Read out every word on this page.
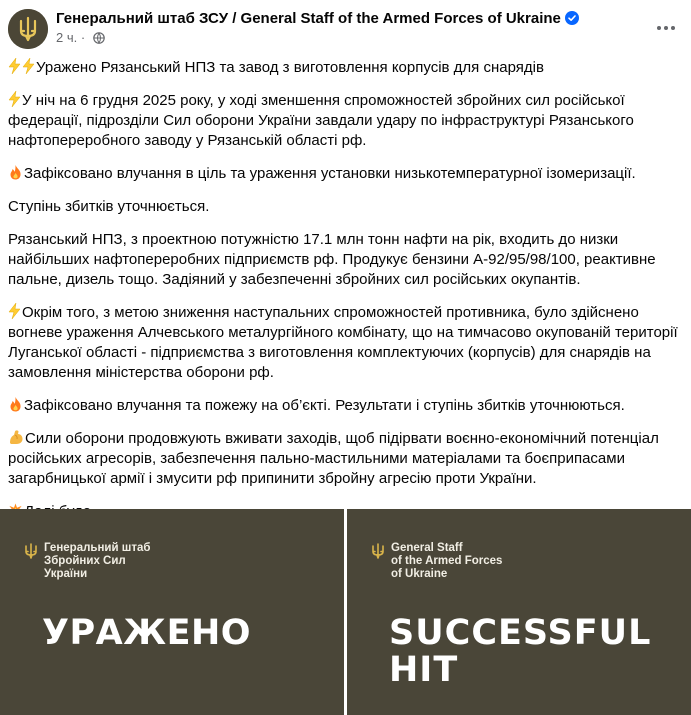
Генеральний штаб ЗСУ / General Staff of the Armed Forces of Ukraine
2 ч. ·

Уражено Рязанський НПЗ та завод з виготовлення корпусів для снарядів

У ніч на 6 грудня 2025 року, у ході зменшення спроможностей збройних сил російської федерації, підрозділи Сил оборони України завдали удару по інфраструктурі Рязанського нафтопереробного заводу у Рязанській області рф.

Зафіксовано влучання в ціль та ураження установки низькотемпературної ізомеризації.

Ступінь збитків уточнюється.

Рязанський НПЗ, з проектною потужністю 17.1 млн тонн нафти на рік, входить до низки найбільших нафтопереробних підприємств рф. Продукує бензини А-92/95/98/100, реактивне пальне, дизель тощо. Задіяний у забезпеченні збройних сил російських окупантів.

Окрім того, з метою зниження наступальних спроможностей противника, було здійснено вогневе ураження Алчевського металургійного комбінату, що на тимчасово окупованій території Луганської області - підприємства з виготовлення комплектуючих (корпусів) для снарядів на замовлення міністерства оборони рф.

Зафіксовано влучання та пожежу на об’єкті. Результати і ступінь збитків уточнюються.

Сили оборони продовжують вживати заходів, щоб підірвати воєнно-економічний потенціал російських агресорів, забезпечення пально-мастильними матеріалами та боєприпасами загарбницької армії і змусити рф припинити збройну агресію проти України.

Генеральний штаб
Збройних Сил
України
УРАЖЕНО
General Staff
of the Armed Forces
of Ukraine
SUCCESSFUL
HIT
